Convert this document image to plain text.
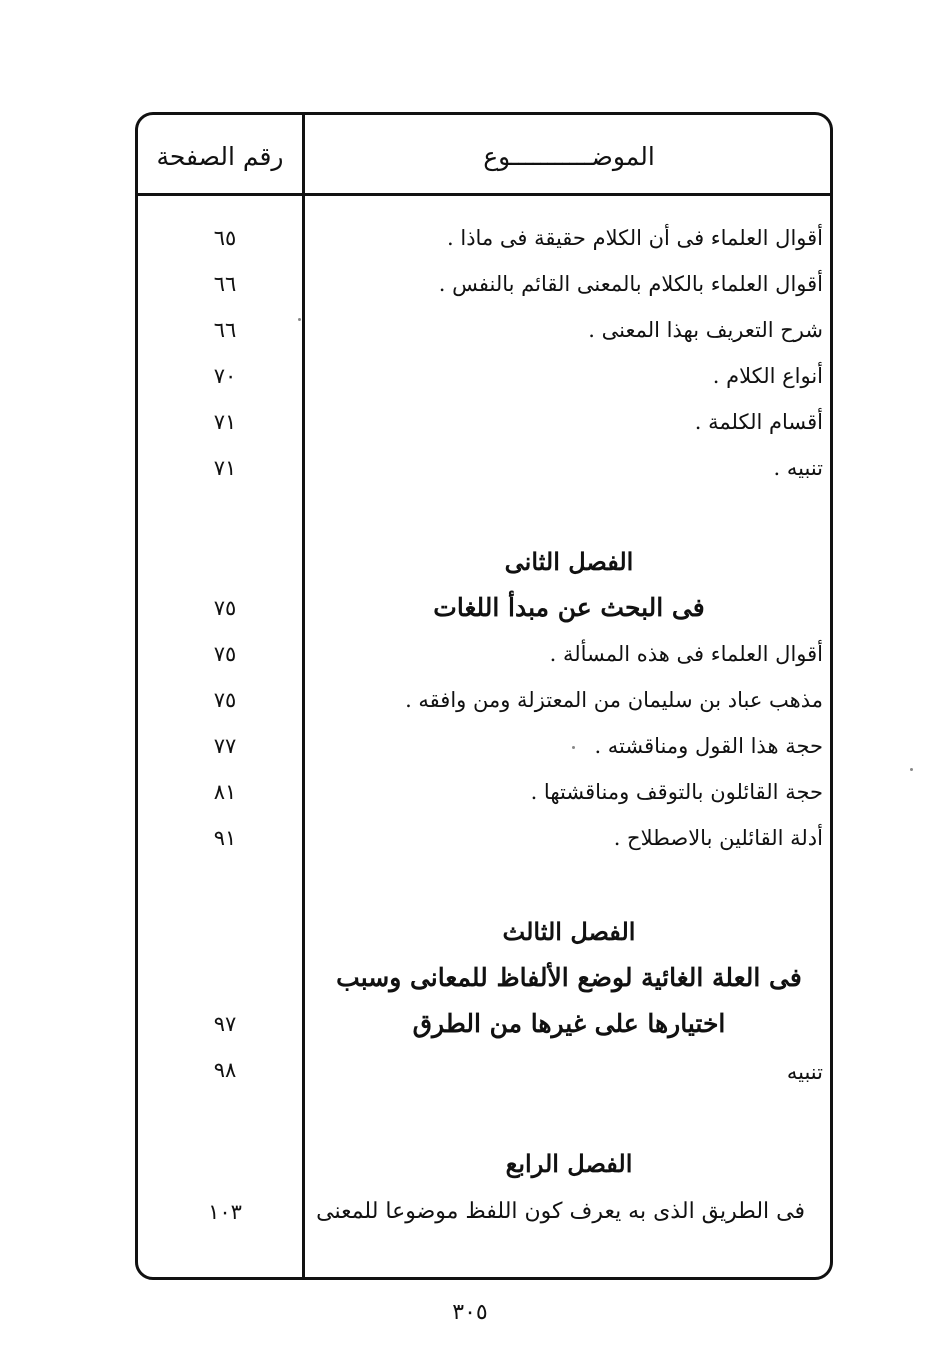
الموضـــــــــــوع
رقم الصفحة
أقوال العلماء فى أن الكلام حقيقة فى ماذا .
٦٥
أقوال العلماء بالكلام بالمعنى القائم بالنفس .
٦٦
شرح التعريف بهذا المعنى .
٦٦
أنواع الكلام .
٧٠
أقسام الكلمة .
٧١
تنبيه .
٧١
الفصل الثانى
فى البحث عن مبدأ اللغات
٧٥
أقوال العلماء فى هذه المسألة .
٧٥
مذهب عباد بن سليمان من المعتزلة ومن وافقه .
٧٥
حجة هذا القول ومناقشته .
٧٧
حجة القائلون بالتوقف ومناقشتها .
٨١
أدلة القائلين بالاصطلاح .
٩١
الفصل الثالث
فى العلة الغائية لوضع الألفاظ للمعانى وسبب
اختيارها على غيرها من الطرق
٩٧
تنبيه
٩٨
الفصل الرابع
فى الطريق الذى به يعرف كون اللفظ موضوعا للمعنى
١٠٣
٣٠٥
